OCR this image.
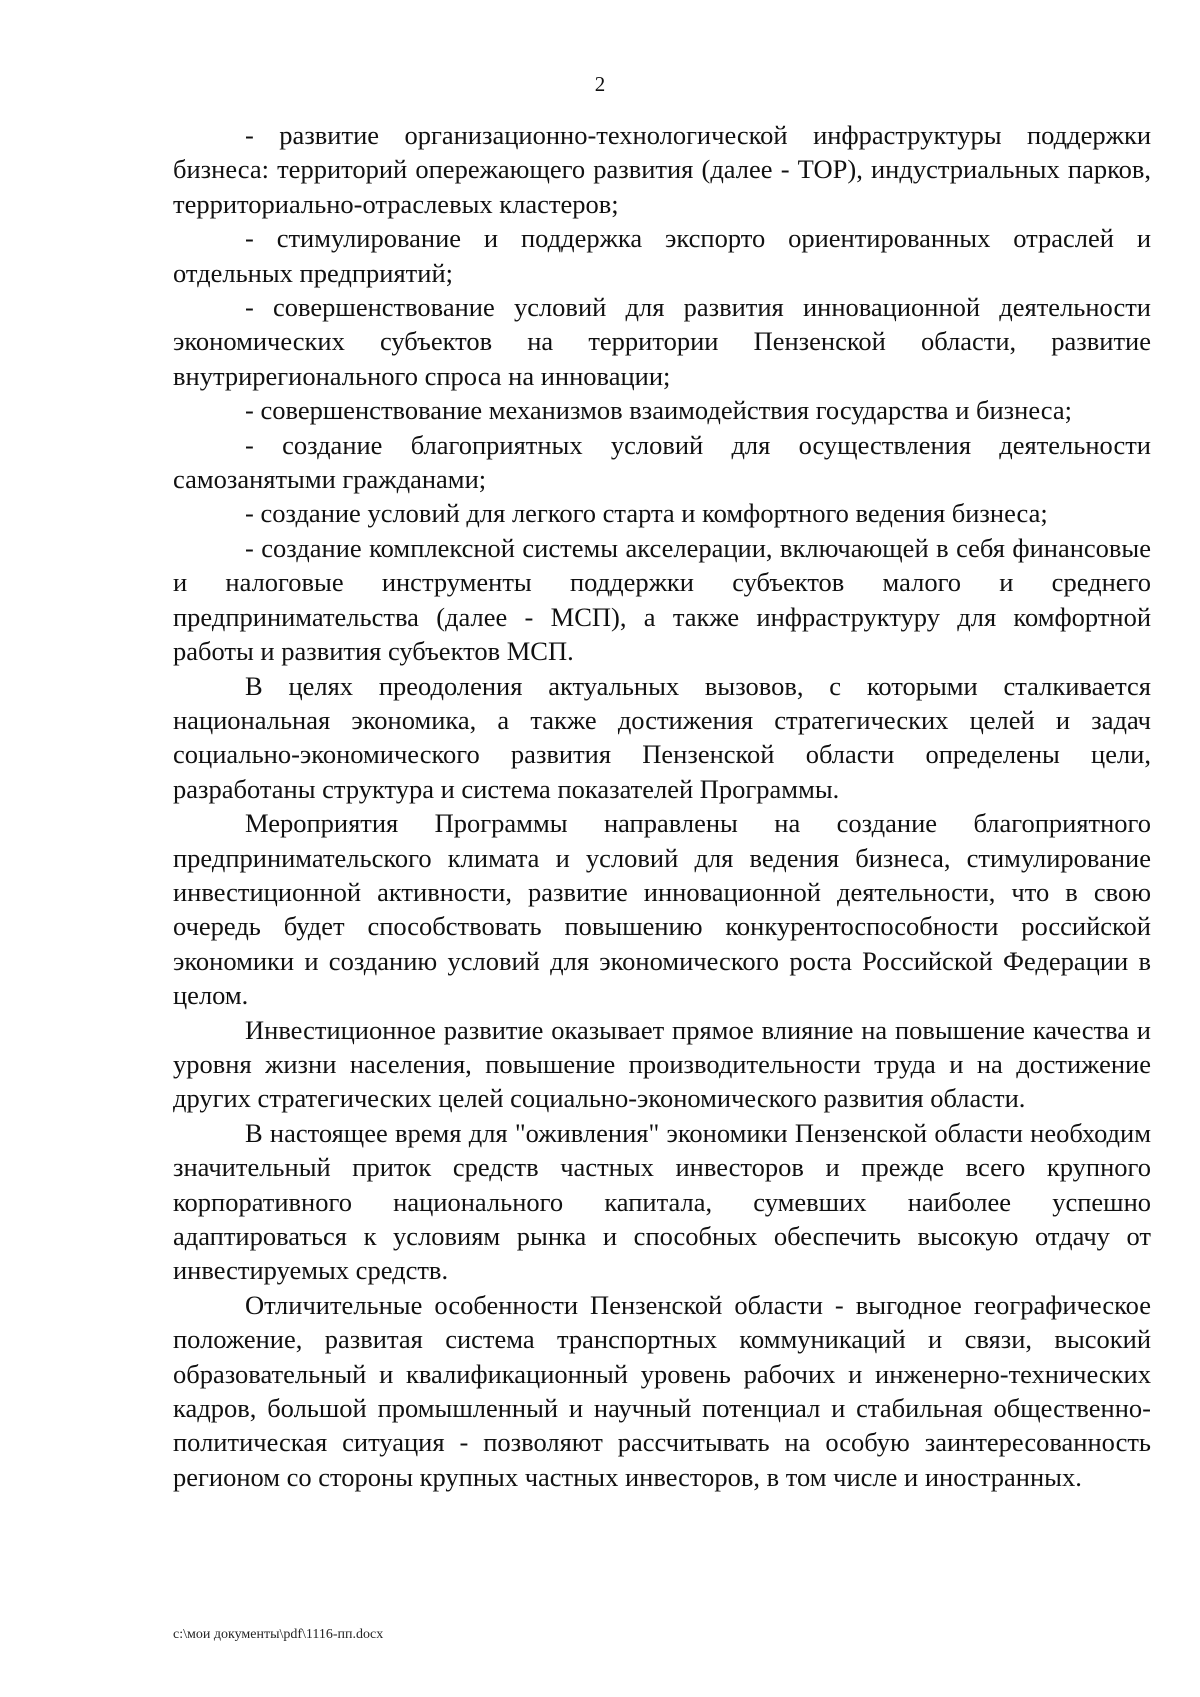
2

- развитие организационно-технологической инфраструктуры поддержки бизнеса: территорий опережающего развития (далее - ТОР), индустриальных парков, территориально-отраслевых кластеров;

- стимулирование и поддержка экспорто ориентированных отраслей и отдельных предприятий;

- совершенствование условий для развития инновационной деятельности экономических субъектов на территории Пензенской области, развитие внутрирегионального спроса на инновации;

- совершенствование механизмов взаимодействия государства и бизнеса;

- создание благоприятных условий для осуществления деятельности самозанятыми гражданами;

- создание условий для легкого старта и комфортного ведения бизнеса;

- создание комплексной системы акселерации, включающей в себя финансовые и налоговые инструменты поддержки субъектов малого и среднего предпринимательства (далее - МСП), а также инфраструктуру для комфортной работы и развития субъектов МСП.

В целях преодоления актуальных вызовов, с которыми сталкивается национальная экономика, а также достижения стратегических целей и задач социально-экономического развития Пензенской области определены цели, разработаны структура и система показателей Программы.

Мероприятия Программы направлены на создание благоприятного предпринимательского климата и условий для ведения бизнеса, стимулирование инвестиционной активности, развитие инновационной деятельности, что в свою очередь будет способствовать повышению конкурентоспособности российской экономики и созданию условий для экономического роста Российской Федерации в целом.

Инвестиционное развитие оказывает прямое влияние на повышение качества и уровня жизни населения, повышение производительности труда и на достижение других стратегических целей социально-экономического развития области.

В настоящее время для "оживления" экономики Пензенской области необходим значительный приток средств частных инвесторов и прежде всего крупного корпоративного национального капитала, сумевших наиболее успешно адаптироваться к условиям рынка и способных обеспечить высокую отдачу от инвестируемых средств.

Отличительные особенности Пензенской области - выгодное географическое положение, развитая система транспортных коммуникаций и связи, высокий образовательный и квалификационный уровень рабочих и инженерно-технических кадров, большой промышленный и научный потенциал и стабильная общественно-политическая ситуация - позволяют рассчитывать на особую заинтересованность регионом со стороны крупных частных инвесторов, в том числе и иностранных.

c:\мои документы\pdf\1116-пп.docx
